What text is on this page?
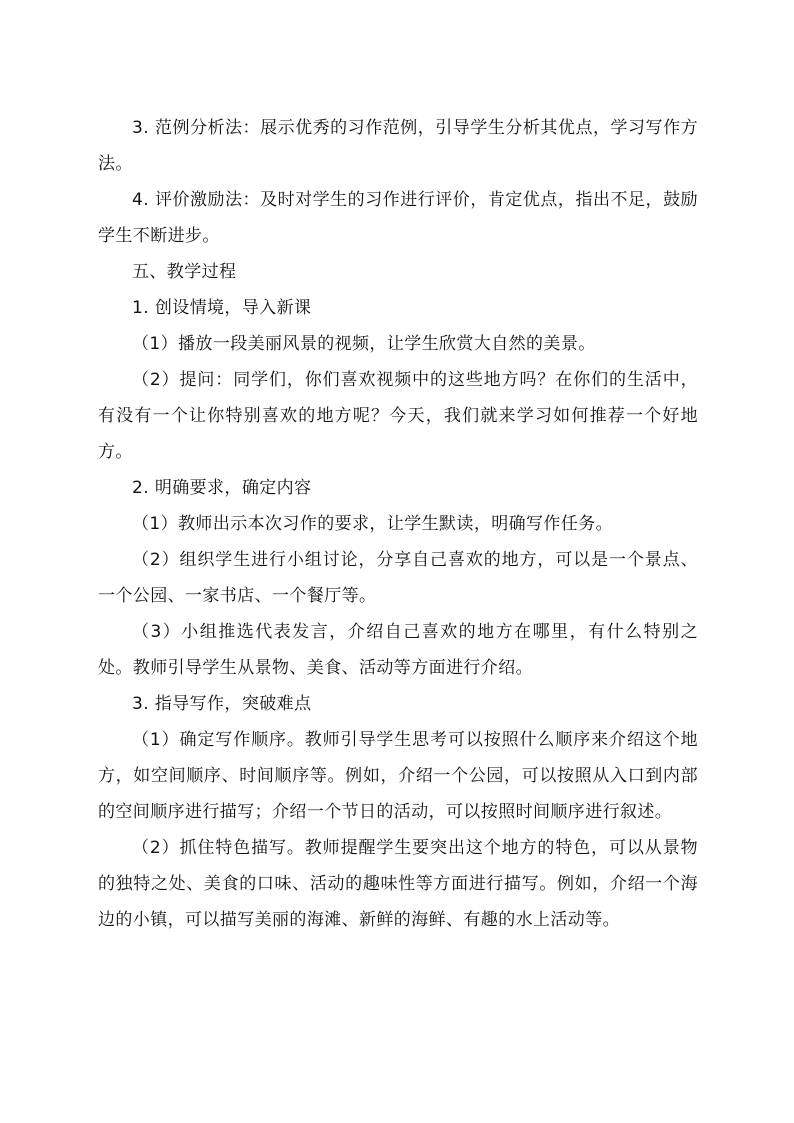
3. 范例分析法：展示优秀的习作范例，引导学生分析其优点，学习写作方法。

4. 评价激励法：及时对学生的习作进行评价，肯定优点，指出不足，鼓励学生不断进步。

五、教学过程

1. 创设情境，导入新课

（1）播放一段美丽风景的视频，让学生欣赏大自然的美景。

（2）提问：同学们，你们喜欢视频中的这些地方吗？在你们的生活中，有没有一个让你特别喜欢的地方呢？今天，我们就来学习如何推荐一个好地方。

2. 明确要求，确定内容

（1）教师出示本次习作的要求，让学生默读，明确写作任务。

（2）组织学生进行小组讨论，分享自己喜欢的地方，可以是一个景点、一个公园、一家书店、一个餐厅等。

（3）小组推选代表发言，介绍自己喜欢的地方在哪里，有什么特别之处。教师引导学生从景物、美食、活动等方面进行介绍。

3. 指导写作，突破难点

（1）确定写作顺序。教师引导学生思考可以按照什么顺序来介绍这个地方，如空间顺序、时间顺序等。例如，介绍一个公园，可以按照从入口到内部的空间顺序进行描写；介绍一个节日的活动，可以按照时间顺序进行叙述。

（2）抓住特色描写。教师提醒学生要突出这个地方的特色，可以从景物的独特之处、美食的口味、活动的趣味性等方面进行描写。例如，介绍一个海边的小镇，可以描写美丽的海滩、新鲜的海鲜、有趣的水上活动等。
